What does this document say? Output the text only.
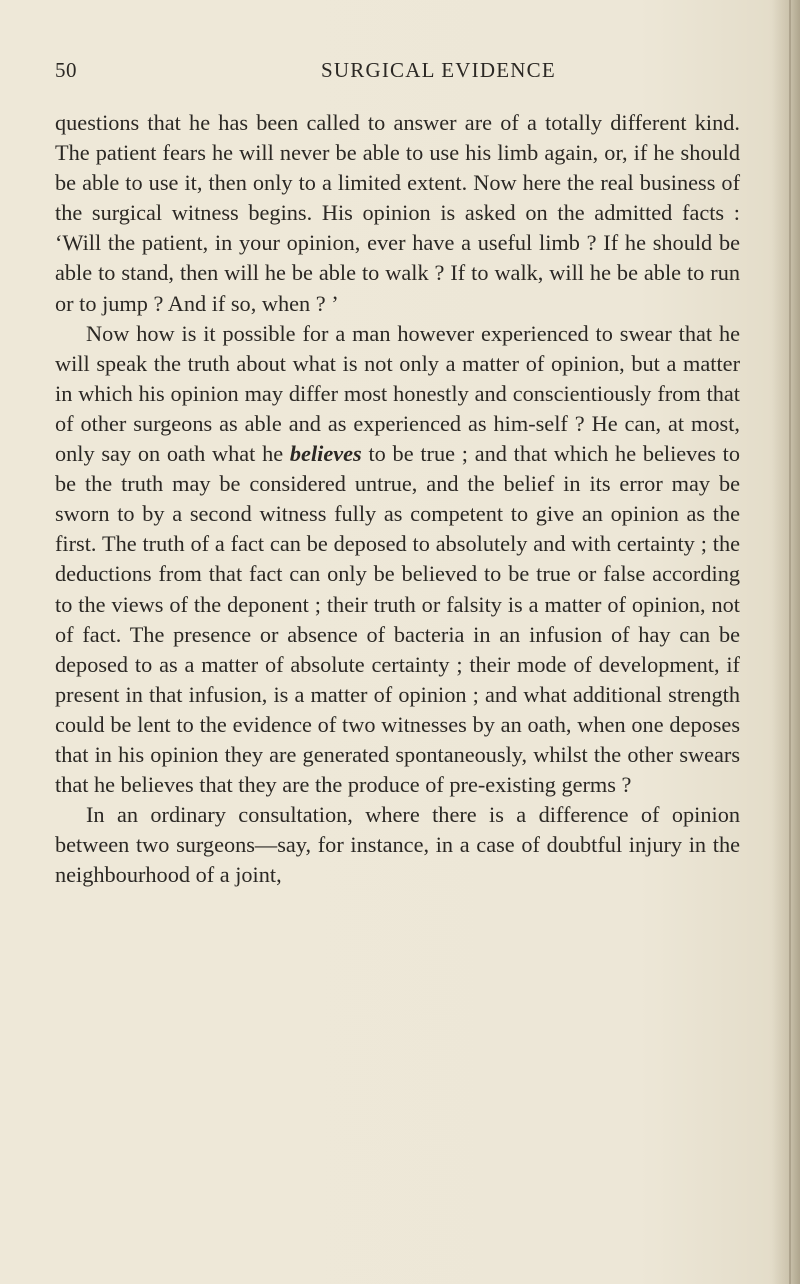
50	SURGICAL EVIDENCE

questions that he has been called to answer are of a totally different kind. The patient fears he will never be able to use his limb again, or, if he should be able to use it, then only to a limited extent. Now here the real business of the surgical witness begins. His opinion is asked on the admitted facts : ‘Will the patient, in your opinion, ever have a useful limb ? If he should be able to stand, then will he be able to walk ? If to walk, will he be able to run or to jump ? And if so, when ? ’

Now how is it possible for a man however experienced to swear that he will speak the truth about what is not only a matter of opinion, but a matter in which his opinion may differ most honestly and conscientiously from that of other surgeons as able and as experienced as him-self ? He can, at most, only say on oath what he believes to be true ; and that which he believes to be the truth may be considered untrue, and the belief in its error may be sworn to by a second witness fully as competent to give an opinion as the first. The truth of a fact can be deposed to absolutely and with certainty ; the deductions from that fact can only be believed to be true or false according to the views of the deponent ; their truth or falsity is a matter of opinion, not of fact. The presence or absence of bacteria in an infusion of hay can be deposed to as a matter of absolute certainty ; their mode of development, if present in that infusion, is a matter of opinion ; and what additional strength could be lent to the evidence of two witnesses by an oath, when one deposes that in his opinion they are generated spontaneously, whilst the other swears that he believes that they are the produce of pre-existing germs ?

In an ordinary consultation, where there is a difference of opinion between two surgeons—say, for instance, in a case of doubtful injury in the neighbourhood of a joint,
